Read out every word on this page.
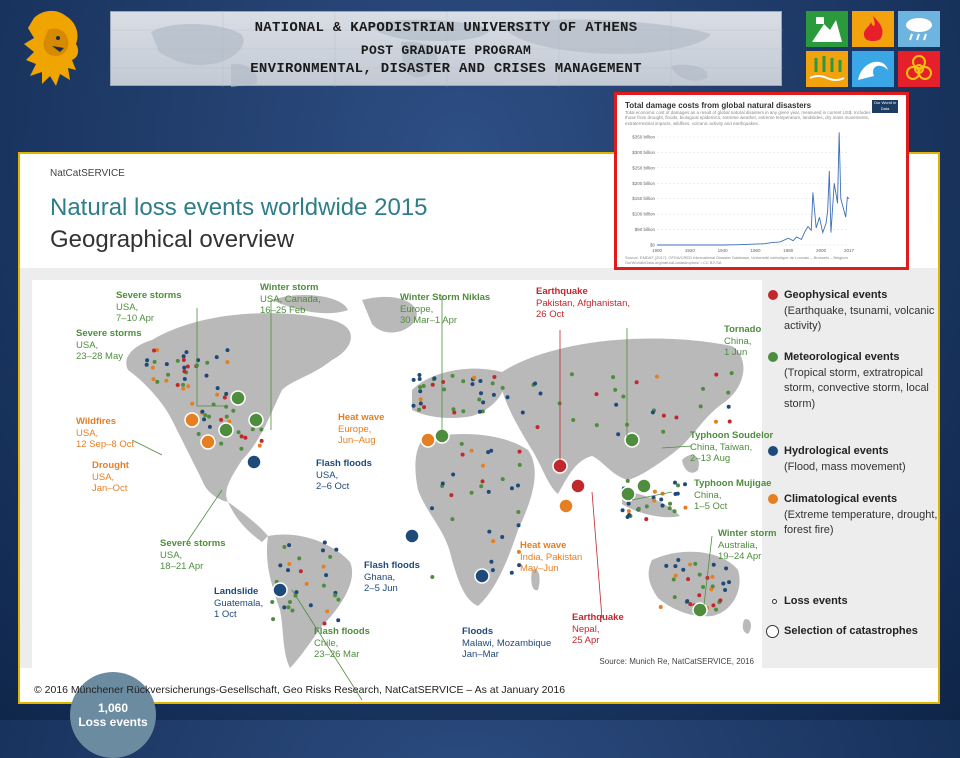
NATIONAL & KAPODISTRIAN UNIVERSITY OF ATHENS
POST GRADUATE PROGRAM
ENVIRONMENTAL, DISASTER AND CRISES MANAGEMENT
NatCatSERVICE
Natural loss events worldwide 2015
Geographical overview
Severe storms
USA,
7–10 Apr
Severe storms
USA,
23–28 May
Winter storm
USA, Canada,
16–25 Feb
Winter Storm Niklas
Europe,
30 Mar–1 Apr
Earthquake
Pakistan, Afghanistan,
26 Oct
Tornado
China,
1 Jun
Wildfires
USA,
12 Sep–8 Oct
Drought
USA,
Jan–Oct
Heat wave
Europe,
Jun–Aug
Flash floods
USA,
2–6 Oct
Typhoon Soudelor
China, Taiwan,
2–13 Aug
Typhoon Mujigae
China,
1–5 Oct
Severe storms
USA,
18–21 Apr	Flash floods
Ghana,
2–5 Jun
Heat wave
India, Pakistan
May–Jun
Winter storm
Australia,
19–24 Apr
Landslide
Guatemala,
1 Oct
Flash floods
Chile,
23–26 Mar
Floods
Malawi, Mozambique
Jan–Mar
Earthquake
Nepal,
25 Apr
1,060
Loss events
Source: Munich Re, NatCatSERVICE, 2016
Geophysical events
(Earthquake, tsunami, volcanic activity)
Meteorological events
(Tropical storm, extratropical storm, convective storm, local storm)
Hydrological events
(Flood, mass movement)
Climatological events
(Extreme temperature, drought, forest fire)
Loss events
Selection of catastrophes
© 2016 Münchener Rückversicherungs-Gesellschaft, Geo Risks Research, NatCatSERVICE – As at January 2016
Total damage costs from global natural disasters
Total economic cost of damages as a result of global natural disasters in any given year, measured in current US$. Includes those from drought, floods, biological epidemics, extreme weather, extreme temperature, landslides, dry mass movements, extraterrestrial impacts, wildfires, volcanic activity and earthquakes.
Our World in Data
$0
$50 billion
$100 billion
$150 billion
$200 billion
$250 billion
$300 billion
$350 billion
1900	1920	1940	1960	1980	2000	2017
Source: EMDAT (2017): OFDA/CRED International Disaster Database, Université catholique de Louvain – Brussels – Belgium
OurWorldInData.org/natural-catastrophes/ • CC BY-SA
